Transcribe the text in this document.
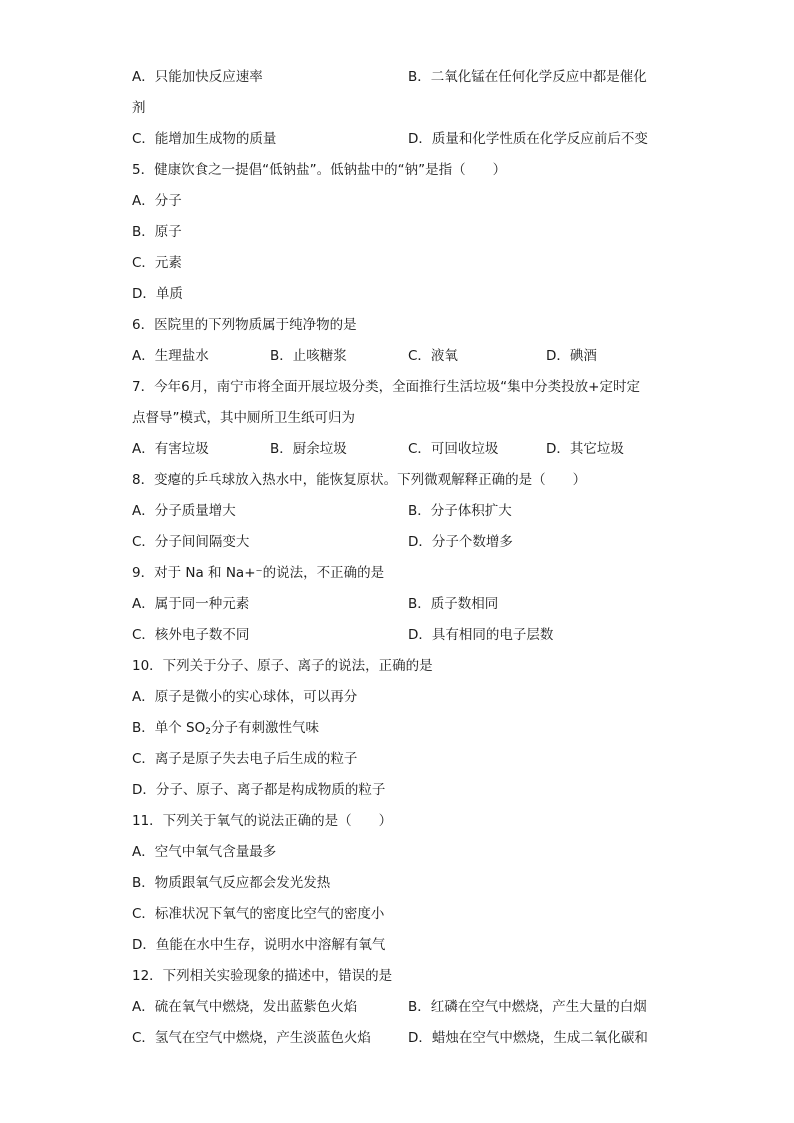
A．只能加快反应速率	B．二氧化锰在任何化学反应中都是催化
剂
C．能增加生成物的质量	D．质量和化学性质在化学反应前后不变
5．健康饮食之一提倡“低钠盐”。低钠盐中的“钠”是指（　　）
A．分子
B．原子
C．元素
D．单质
6．医院里的下列物质属于纯净物的是
A．生理盐水	B．止咳糖浆	C．液氧	D．碘酒
7．今年6月，南宁市将全面开展垃圾分类，全面推行生活垃圾“集中分类投放+定时定
点督导”模式，其中厕所卫生纸可归为
A．有害垃圾	B．厨余垃圾	C．可回收垃圾	D．其它垃圾
8．变瘪的乒乓球放入热水中，能恢复原状。下列微观解释正确的是（　　）
A．分子质量增大	B．分子体积扩大
C．分子间间隔变大	D．分子个数增多
9．对于 Na 和 Na+⁻的说法，不正确的是
A．属于同一种元素	B．质子数相同
C．核外电子数不同	D．具有相同的电子层数
10．下列关于分子、原子、离子的说法，正确的是
A．原子是微小的实心球体，可以再分
B．单个 $SO_2$分子有刺激性气味
C．离子是原子失去电子后生成的粒子
D．分子、原子、离子都是构成物质的粒子
11．下列关于氧气的说法正确的是（　　）
A．空气中氧气含量最多
B．物质跟氧气反应都会发光发热
C．标准状况下氧气的密度比空气的密度小
D．鱼能在水中生存，说明水中溶解有氧气
12．下列相关实验现象的描述中，错误的是
A．硫在氧气中燃烧，发出蓝紫色火焰	B．红磷在空气中燃烧，产生大量的白烟
C．氢气在空气中燃烧，产生淡蓝色火焰	D．蜡烛在空气中燃烧，生成二氧化碳和
